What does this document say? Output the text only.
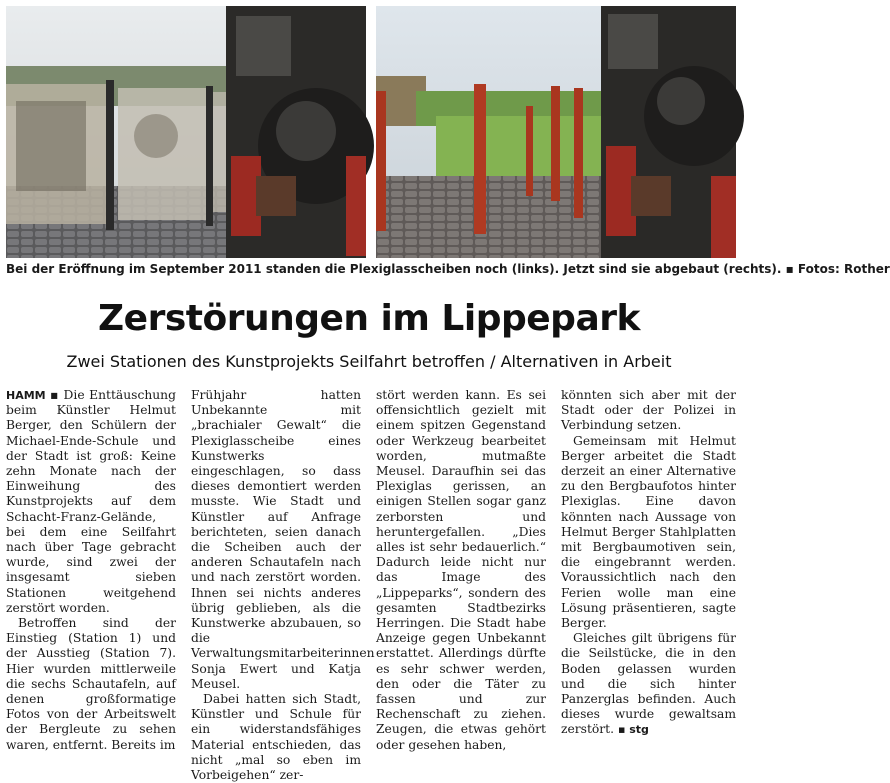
Bei der Eröffnung im September 2011 standen die Plexiglasscheiben noch (links). Jetzt sind sie abgebaut (rechts). ▪ Fotos: Rother
Zerstörungen im Lippepark
Zwei Stationen des Kunstprojekts Seilfahrt betroffen / Alternativen in Arbeit

HAMM ▪ Die Enttäuschung beim Künstler Helmut Berger, den Schülern der Michael-Ende-Schule und der Stadt ist groß: Keine zehn Monate nach der Einweihung des Kunstprojekts auf dem Schacht-Franz-Gelände, bei dem eine Seilfahrt nach über Tage gebracht wurde, sind zwei der insgesamt sieben Stationen weitgehend zerstört worden.

Betroffen sind der Einstieg (Station 1) und der Ausstieg (Station 7). Hier wurden mittlerweile die sechs Schautafeln, auf denen großformatige Fotos von der Arbeitswelt der Bergleute zu sehen waren, entfernt. Bereits im

Frühjahr hatten Unbekannte mit „brachialer Gewalt“ die Plexiglasscheibe eines Kunstwerks eingeschlagen, so dass dieses demontiert werden musste. Wie Stadt und Künstler auf Anfrage berichteten, seien danach die Scheiben auch der anderen Schautafeln nach und nach zerstört worden. Ihnen sei nichts anderes übrig geblieben, als die Kunstwerke abzubauen, so die Verwaltungsmitarbeiterinnen Sonja Ewert und Katja Meusel.

Dabei hatten sich Stadt, Künstler und Schule für ein widerstandsfähiges Material entschieden, das nicht „mal so eben im Vorbeigehen“ zer-

stört werden kann. Es sei offensichtlich gezielt mit einem spitzen Gegenstand oder Werkzeug bearbeitet worden, mutmaßte Meusel. Daraufhin sei das Plexiglas gerissen, an einigen Stellen sogar ganz zerborsten und heruntergefallen. „Dies alles ist sehr bedauerlich.“ Dadurch leide nicht nur das Image des „Lippeparks“, sondern des gesamten Stadtbezirks Herringen. Die Stadt habe Anzeige gegen Unbekannt erstattet. Allerdings dürfte es sehr schwer werden, den oder die Täter zu fassen und zur Rechenschaft zu ziehen. Zeugen, die etwas gehört oder gesehen haben,

könnten sich aber mit der Stadt oder der Polizei in Verbindung setzen.

Gemeinsam mit Helmut Berger arbeitet die Stadt derzeit an einer Alternative zu den Bergbaufotos hinter Plexiglas. Eine davon könnten nach Aussage von Helmut Berger Stahlplatten mit Bergbaumotiven sein, die eingebrannt werden. Voraussichtlich nach den Ferien wolle man eine Lösung präsentieren, sagte Berger.

Gleiches gilt übrigens für die Seilstücke, die in den Boden gelassen wurden und die sich hinter Panzerglas befinden. Auch dieses wurde gewaltsam zerstört. ▪ stg
